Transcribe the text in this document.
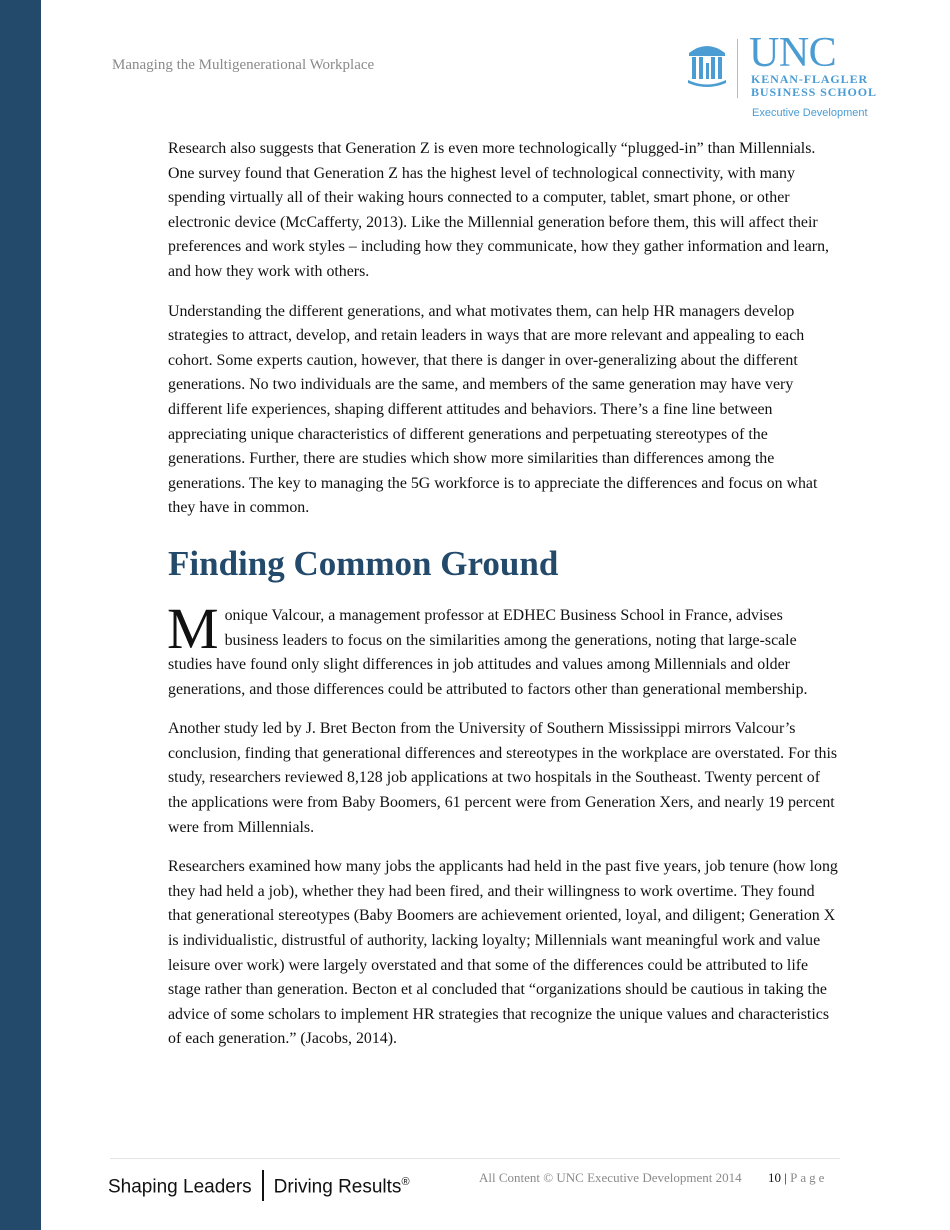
Managing the Multigenerational Workplace	UNC
KENAN-FLAGLER
BUSINESS SCHOOL
Executive Development

Research also suggests that Generation Z is even more technologically “plugged-in” than Millennials. One survey found that Generation Z has the highest level of technological connectivity, with many spending virtually all of their waking hours connected to a computer, tablet, smart phone, or other electronic device (McCafferty, 2013). Like the Millennial generation before them, this will affect their preferences and work styles – including how they communicate, how they gather information and learn, and how they work with others.

Understanding the different generations, and what motivates them, can help HR managers develop strategies to attract, develop, and retain leaders in ways that are more relevant and appealing to each cohort. Some experts caution, however, that there is danger in over-generalizing about the different generations. No two individuals are the same, and members of the same generation may have very different life experiences, shaping different attitudes and behaviors. There’s a fine line between appreciating unique characteristics of different generations and perpetuating stereotypes of the generations. Further, there are studies which show more similarities than differences among the generations. The key to managing the 5G workforce is to appreciate the differences and focus on what they have in common.

Finding Common Ground

Monique Valcour, a management professor at EDHEC Business School in France, advises business leaders to focus on the similarities among the generations, noting that large-scale studies have found only slight differences in job attitudes and values among Millennials and older generations, and those differences could be attributed to factors other than generational membership.

Another study led by J. Bret Becton from the University of Southern Mississippi mirrors Valcour’s conclusion, finding that generational differences and stereotypes in the workplace are overstated. For this study, researchers reviewed 8,128 job applications at two hospitals in the Southeast. Twenty percent of the applications were from Baby Boomers, 61 percent were from Generation Xers, and nearly 19 percent were from Millennials.

Researchers examined how many jobs the applicants had held in the past five years, job tenure (how long they had held a job), whether they had been fired, and their willingness to work overtime. They found that generational stereotypes (Baby Boomers are achievement oriented, loyal, and diligent; Generation X is individualistic, distrustful of authority, lacking loyalty; Millennials want meaningful work and value leisure over work) were largely overstated and that some of the differences could be attributed to life stage rather than generation. Becton et al concluded that “organizations should be cautious in taking the advice of some scholars to implement HR strategies that recognize the unique values and characteristics of each generation.” (Jacobs, 2014).

Shaping Leaders Driving Results®	All Content © UNC Executive Development 2014 10 | Page
